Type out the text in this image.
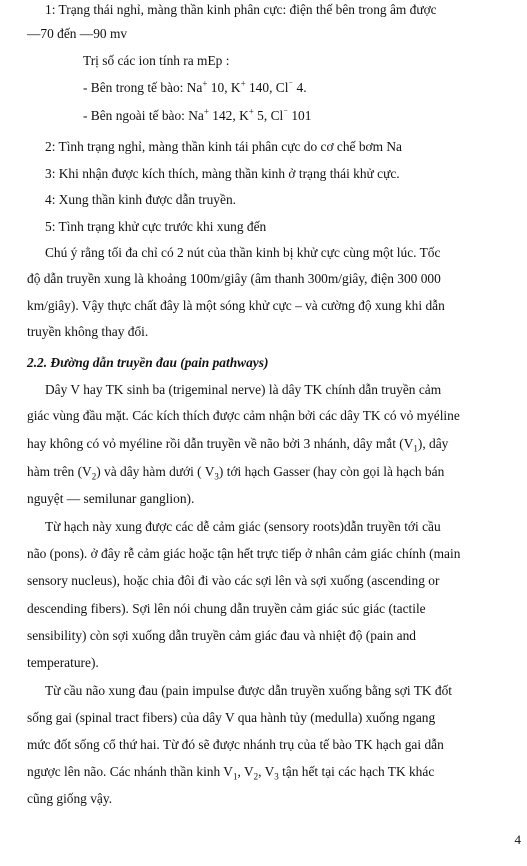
1: Trạng thái nghỉ, màng thần kinh phân cực: điện thế bên trong âm được
—70 đến —90 mv
Trị số các ion tính ra mEp :
- Bên trong tế bào: Na+ 10, K+ 140, Cl⁻ 4.
- Bên ngoài tế bào: Na+ 142, K+ 5, Cl⁻ 101
2: Tình trạng nghỉ, màng thần kinh tái phân cực do cơ chế bơm Na
3: Khi nhận được kích thích, màng thần kinh ở trạng thái khử cực.
4: Xung thần kinh được dẫn truyền.
5: Tình trạng khử cực trước khi xung đến
Chú ý rằng tối đa chỉ có 2 nút của thần kinh bị khử cực cùng một lúc. Tốc
độ dẫn truyền xung là khoảng 100m/giây (âm thanh 300m/giây, điện 300 000
km/giây). Vậy thực chất đây là một sóng khử cực – và cường độ xung khi dẫn
truyền không thay đổi.
2.2. Đường dẫn truyền đau (pain pathways)
Dây V hay TK sinh ba (trigeminal nerve) là dây TK chính dẫn truyền cảm
giác vùng đầu mặt. Các kích thích được cảm nhận bởi các dây TK có vỏ myéline
hay không có vỏ myéline rồi dẫn truyền về não bởi 3 nhánh, dây mắt $(V_1)$, dây
hàm trên $(V_2)$ và dây hàm dưới ( $V_3$) tới hạch Gasser (hay còn gọi là hạch bán
nguyệt — semilunar ganglion).
Từ hạch này xung được các dễ cảm giác (sensory roots)dẫn truyền tới cầu
não (pons). ở đây rễ cảm giác hoặc tận hết trực tiếp ở nhân cảm giác chính (main
sensory nucleus), hoặc chia đôi đi vào các sợi lên và sợi xuống (ascending or
descending fibers). Sợi lên nói chung dẫn truyền cảm giác súc giác (tactile
sensibility) còn sợi xuống dẫn truyền cảm giác đau và nhiệt độ (pain and
temperature).
Từ cầu não xung đau (pain impulse được dẫn truyền xuống bằng sợi TK đốt
sống gai (spinal tract fibers) của dây V qua hành tủy (medulla) xuống ngang
mức đốt sống cổ thứ hai. Từ đó sẽ được nhánh trụ của tế bào TK hạch gai dẫn
ngược lên não. Các nhánh thần kinh $V_1$, $V_2$, $V_3$ tận hết tại các hạch TK khác
cũng giống vậy.
4
